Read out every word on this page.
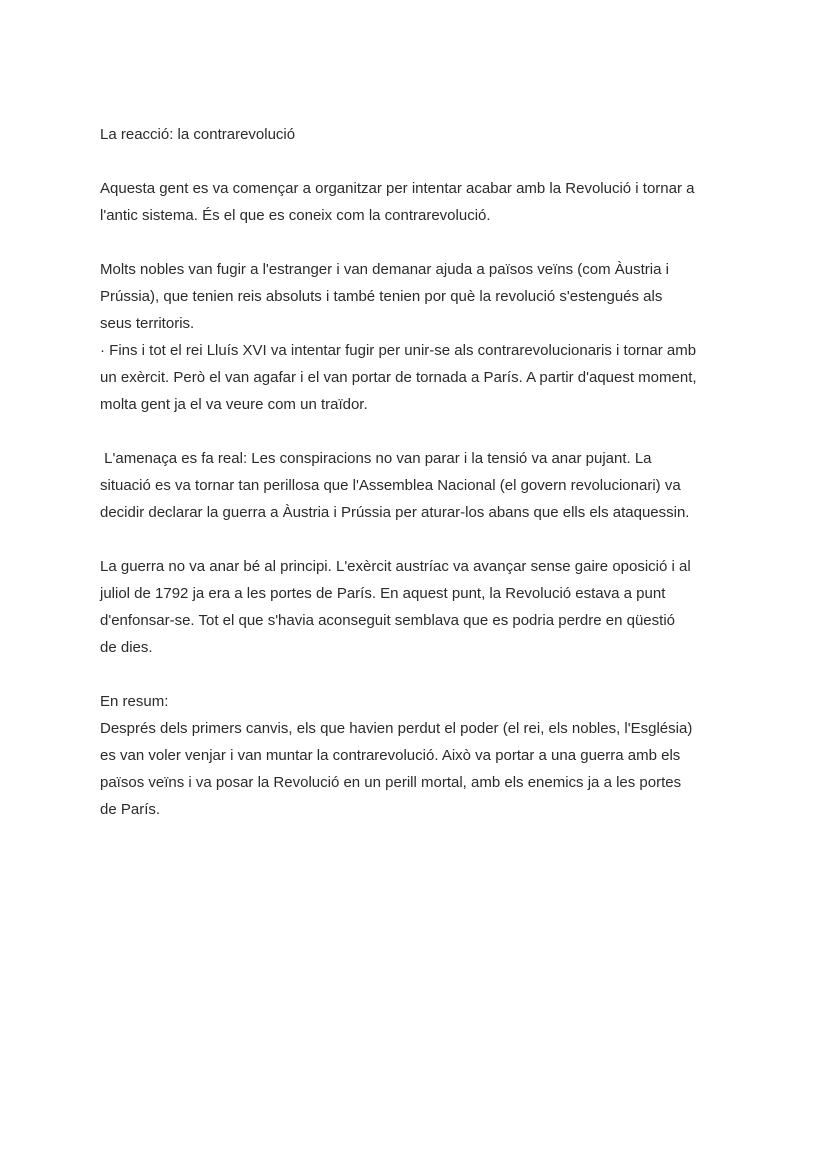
La reacció: la contrarevolució

Aquesta gent es va començar a organitzar per intentar acabar amb la Revolució i tornar a

l'antic sistema. És el que es coneix com la contrarevolució.

Molts nobles van fugir a l'estranger i van demanar ajuda a països veïns (com Àustria i

Prússia), que tenien reis absoluts i també tenien por què la revolució s'estengués als

seus territoris.

· Fins i tot el rei Lluís XVI va intentar fugir per unir-se als contrarevolucionaris i tornar amb

un exèrcit. Però el van agafar i el van portar de tornada a París. A partir d'aquest moment,

molta gent ja el va veure com un traïdor.

L'amenaça es fa real: Les conspiracions no van parar i la tensió va anar pujant. La

situació es va tornar tan perillosa que l'Assemblea Nacional (el govern revolucionari) va

decidir declarar la guerra a Àustria i Prússia per aturar-los abans que ells els ataquessin.

La guerra no va anar bé al principi. L'exèrcit austríac va avançar sense gaire oposició i al

juliol de 1792 ja era a les portes de París. En aquest punt, la Revolució estava a punt

d'enfonsar-se. Tot el que s'havia aconseguit semblava que es podria perdre en qüestió

de dies.

En resum:

Després dels primers canvis, els que havien perdut el poder (el rei, els nobles, l'Església)

es van voler venjar i van muntar la contrarevolució. Això va portar a una guerra amb els

països veïns i va posar la Revolució en un perill mortal, amb els enemics ja a les portes

de París.
